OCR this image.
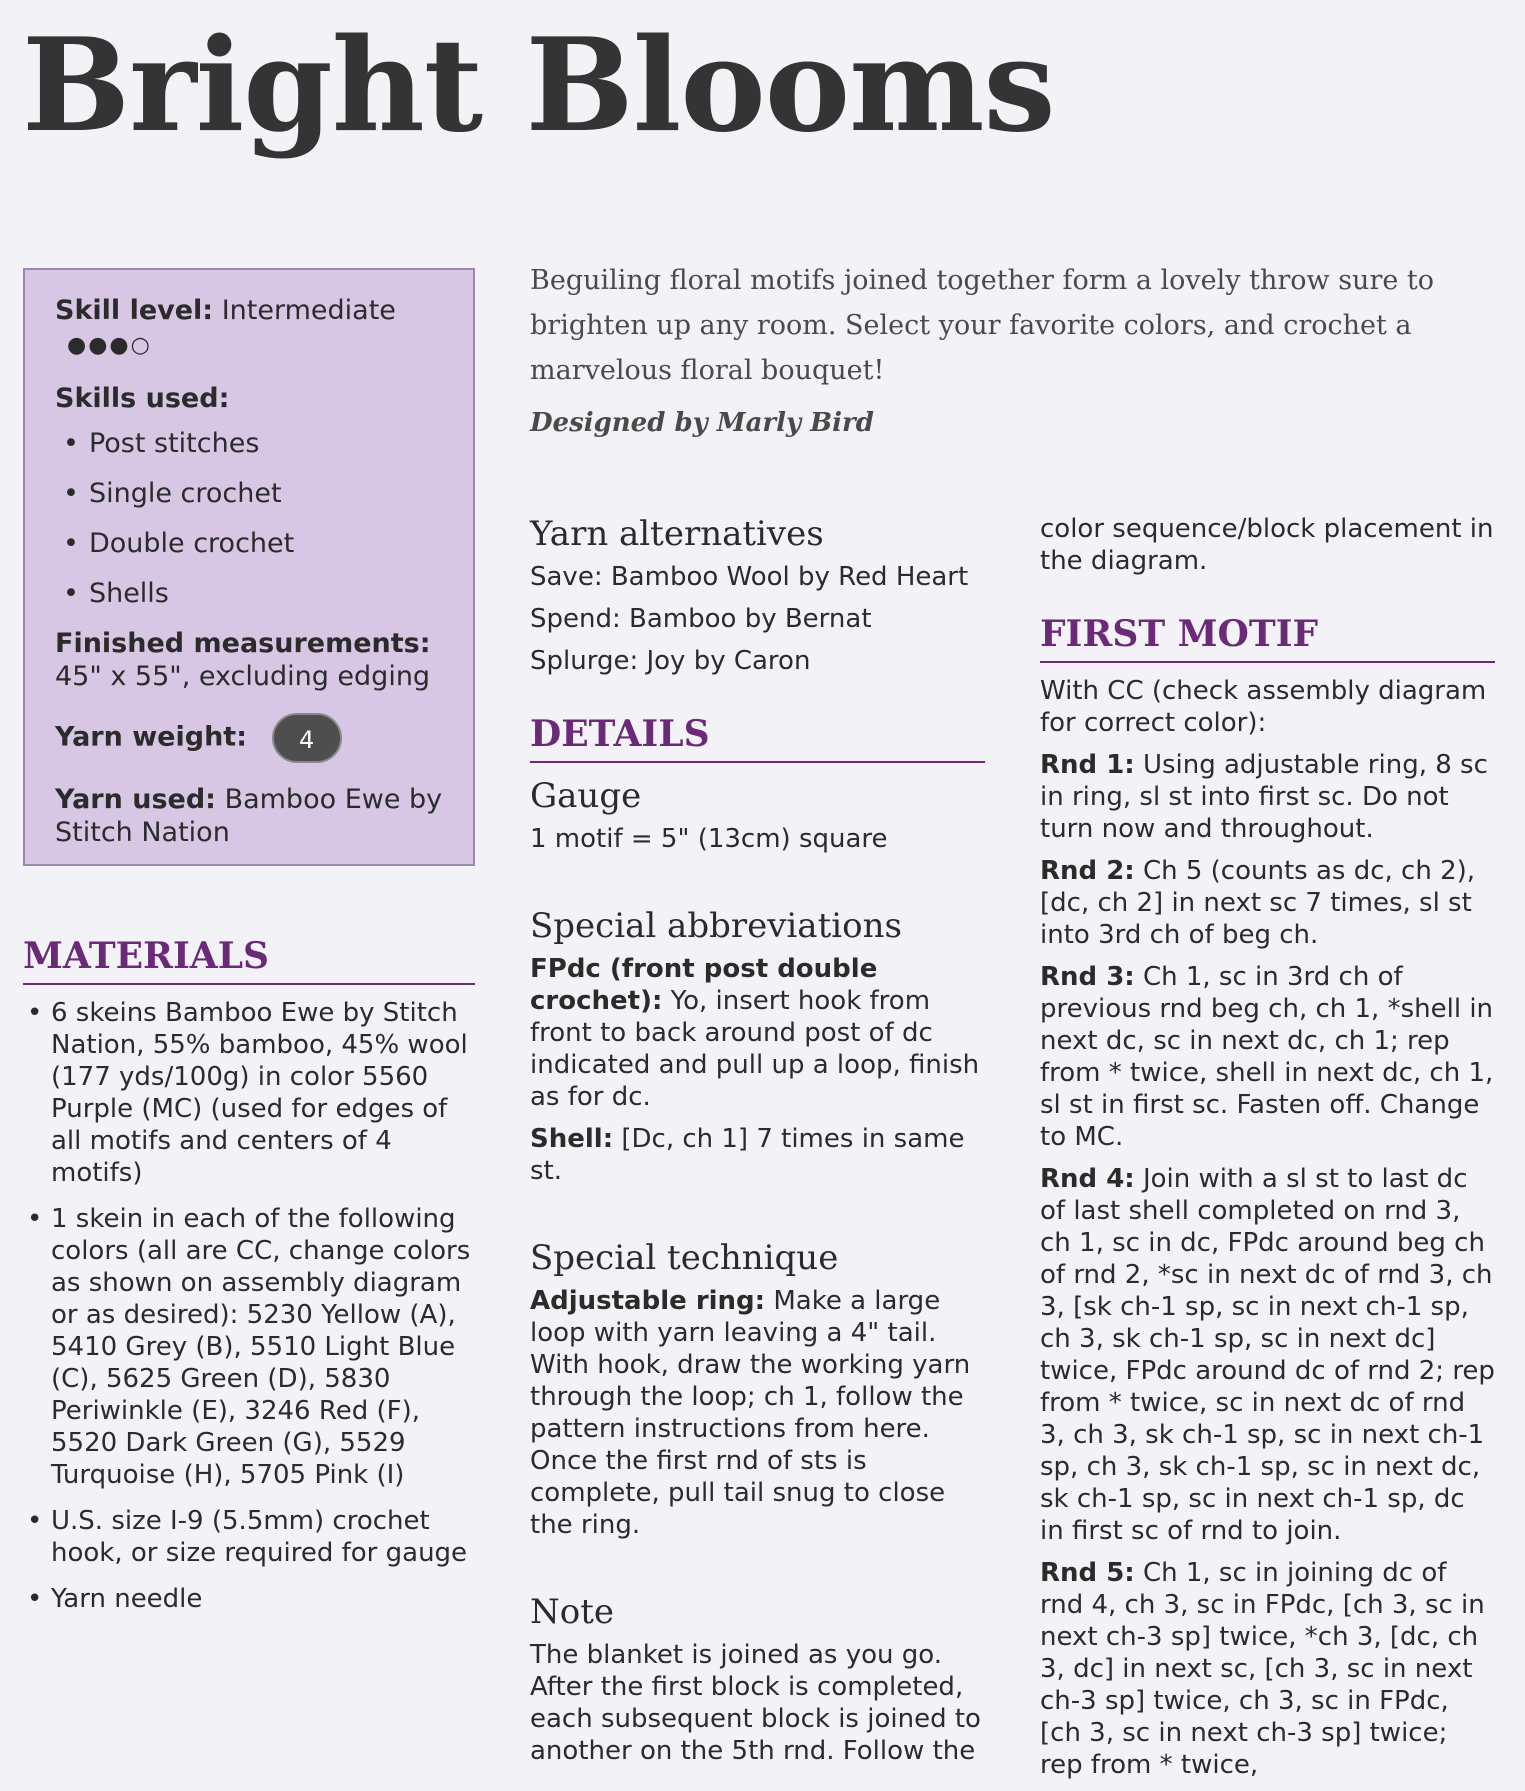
Bright Blooms
Skill level: Intermediate ●●●○
Skills used:
• Post stitches
• Single crochet
• Double crochet
• Shells
Finished measurements:
45" x 55", excluding edging
Yarn weight: 4
Yarn used: Bamboo Ewe by Stitch Nation
MATERIALS
• 6 skeins Bamboo Ewe by Stitch Nation, 55% bamboo, 45% wool (177 yds/100g) in color 5560 Purple (MC) (used for edges of all motifs and centers of 4 motifs)
• 1 skein in each of the following colors (all are CC, change colors as shown on assembly diagram or as desired): 5230 Yellow (A), 5410 Grey (B), 5510 Light Blue (C), 5625 Green (D), 5830 Periwinkle (E), 3246 Red (F), 5520 Dark Green (G), 5529 Turquoise (H), 5705 Pink (I)
• U.S. size I-9 (5.5mm) crochet hook, or size required for gauge
• Yarn needle
Beguiling floral motifs joined together form a lovely throw sure to brighten up any room. Select your favorite colors, and crochet a marvelous floral bouquet!
Designed by Marly Bird
Yarn alternatives
Save: Bamboo Wool by Red Heart
Spend: Bamboo by Bernat
Splurge: Joy by Caron
DETAILS
Gauge
1 motif = 5" (13cm) square
Special abbreviations
FPdc (front post double crochet): Yo, insert hook from front to back around post of dc indicated and pull up a loop, finish as for dc.
Shell: [Dc, ch 1] 7 times in same st.
Special technique
Adjustable ring: Make a large loop with yarn leaving a 4" tail. With hook, draw the working yarn through the loop; ch 1, follow the pattern instructions from here. Once the first rnd of sts is complete, pull tail snug to close the ring.
Note
The blanket is joined as you go. After the first block is completed, each subsequent block is joined to another on the 5th rnd. Follow the
color sequence/block placement in the diagram.
FIRST MOTIF
With CC (check assembly diagram for correct color):
Rnd 1: Using adjustable ring, 8 sc in ring, sl st into first sc. Do not turn now and throughout.
Rnd 2: Ch 5 (counts as dc, ch 2), [dc, ch 2] in next sc 7 times, sl st into 3rd ch of beg ch.
Rnd 3: Ch 1, sc in 3rd ch of previous rnd beg ch, ch 1, *shell in next dc, sc in next dc, ch 1; rep from * twice, shell in next dc, ch 1, sl st in first sc. Fasten off. Change to MC.
Rnd 4: Join with a sl st to last dc of last shell completed on rnd 3, ch 1, sc in dc, FPdc around beg ch of rnd 2, *sc in next dc of rnd 3, ch 3, [sk ch-1 sp, sc in next ch-1 sp, ch 3, sk ch-1 sp, sc in next dc] twice, FPdc around dc of rnd 2; rep from * twice, sc in next dc of rnd 3, ch 3, sk ch-1 sp, sc in next ch-1 sp, ch 3, sk ch-1 sp, sc in next dc, sk ch-1 sp, sc in next ch-1 sp, dc in first sc of rnd to join.
Rnd 5: Ch 1, sc in joining dc of rnd 4, ch 3, sc in FPdc, [ch 3, sc in next ch-3 sp] twice, *ch 3, [dc, ch 3, dc] in next sc, [ch 3, sc in next ch-3 sp] twice, ch 3, sc in FPdc, [ch 3, sc in next ch-3 sp] twice; rep from * twice,
